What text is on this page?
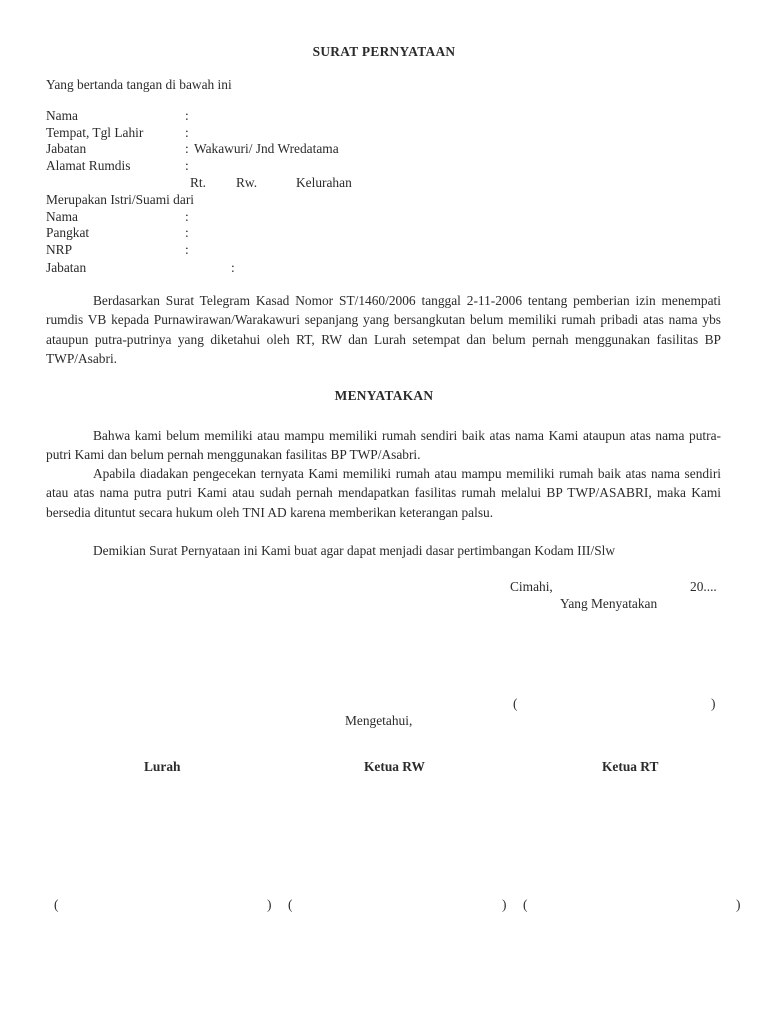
SURAT PERNYATAAN
Yang bertanda tangan di bawah ini
Nama	:
Tempat, Tgl Lahir	:
Jabatan	: Wakawuri/ Jnd Wredatama
Alamat Rumdis	:
Rt. Rw.	Kelurahan
Merupakan Istri/Suami dari
Nama	:
Pangkat	:
NRP	:
Jabatan	:
Berdasarkan Surat Telegram Kasad Nomor ST/1460/2006 tanggal 2-11-2006 tentang pemberian izin menempati rumdis VB kepada Purnawirawan/Warakawuri sepanjang yang bersangkutan belum memiliki rumah pribadi atas nama ybs ataupun putra-putrinya yang diketahui oleh RT, RW dan Lurah setempat dan belum pernah menggunakan fasilitas BP TWP/Asabri.
MENYATAKAN
Bahwa kami belum memiliki atau mampu memiliki rumah sendiri baik atas nama Kami ataupun atas nama putra-putri Kami dan belum pernah menggunakan fasilitas BP TWP/Asabri.
Apabila diadakan pengecekan ternyata Kami memiliki rumah atau mampu memiliki rumah baik atas nama sendiri atau atas nama putra putri Kami atau sudah pernah mendapatkan fasilitas rumah melalui BP TWP/ASABRI, maka Kami bersedia dituntut secara hukum oleh TNI AD karena memberikan keterangan palsu.
Demikian Surat Pernyataan ini Kami buat agar dapat menjadi dasar pertimbangan Kodam III/Slw
Cimahi,	20....
Yang Menyatakan
(	)
Mengetahui,
Lurah	Ketua RW	Ketua RT
(	) (	) (	)
